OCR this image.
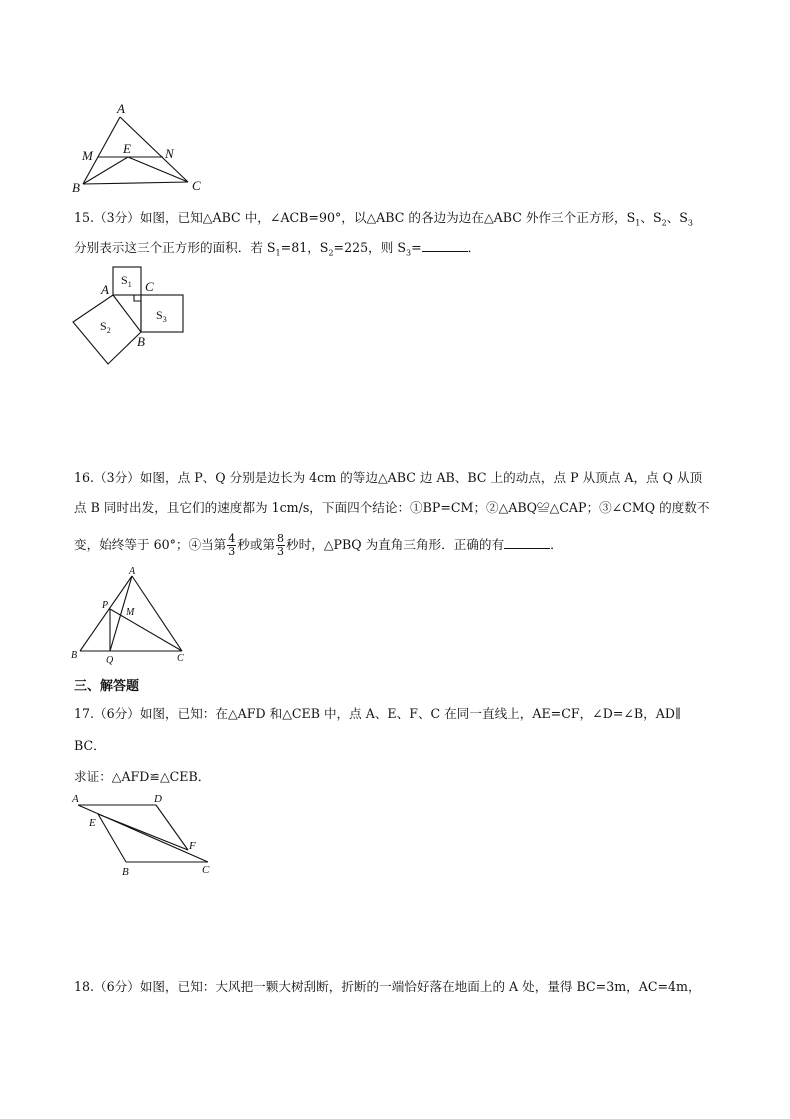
A
M E	N
B	C
15.（3分）如图，已知△ABC 中，∠ACB=90°，以△ABC 的各边为边在△ABC 外作三个正方形，$S_1$、$S_2$、$S_3$
分别表示这三个正方形的面积．若 $S_1=81$，$S_2=225$，则 $S_3=$	．
A	C
B
$S_1$
$S_2$
$S_3$
16.（3分）如图，点 P、Q 分别是边长为 4cm 的等边△ABC 边 AB、BC 上的动点，点 P 从顶点 A，点 Q 从顶
点 B 同时出发，且它们的速度都为 1cm/s，下面四个结论：①BP=CM；②△ABQ≌△CAP；③∠CMQ 的度数不
变，始终等于 60°；④当第 $\frac{4}{3}$ 秒或第 $\frac{8}{3}$ 秒时，△PBQ 为直角三角形．正确的有	．
A
P
M
B	Q	C
三、解答题
17.（6分）如图，已知：在△AFD 和△CEB 中，点 A、E、F、C 在同一直线上，AE=CF，∠D=∠B，AD∥
BC．
求证：△AFD≌△CEB．
A	D
E
F
B	C
18.（6分）如图，已知：大风把一颗大树刮断，折断的一端恰好落在地面上的 A 处，量得 BC=3m，AC=4m，
